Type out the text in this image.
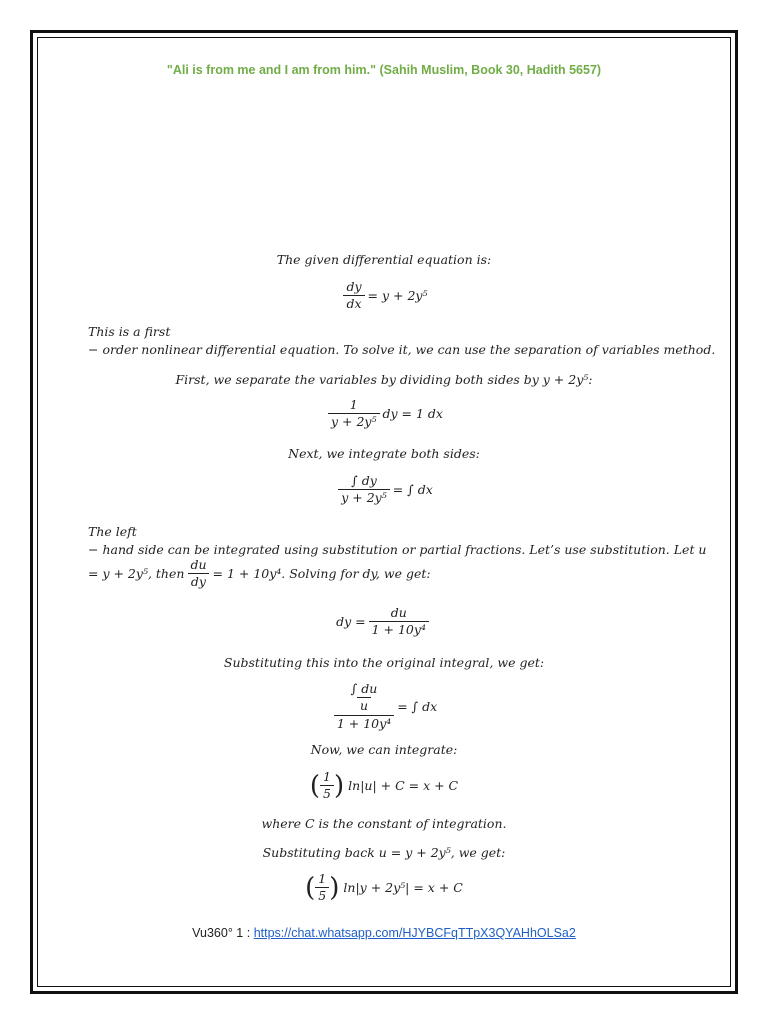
"Ali is from me and I am from him." (Sahih Muslim, Book 30, Hadith 5657)
The given differential equation is:
$\frac{dy}{dx} = y + 2y^5$
This is a first
− order nonlinear differential equation. To solve it, we can use the separation of variables method.
First, we separate the variables by dividing both sides by y + 2y⁵:
$\frac{1}{\text{y + 2y⁵}}$ dy = 1 dx
Next, we integrate both sides:
$\frac{\int dy}{\text{y + 2y⁵}}$ = ∫ dx
The left
− hand side can be integrated using substitution or partial fractions. Let’s use substitution. Let u
= y + 2y⁵, then $\frac{du}{dy} = 1 + 10y^4$. Solving for dy, we get:
dy = $\frac{du}{\text{1 + 10y⁴}}$
Substituting this into the original integral, we get:
$\frac{\frac{\int du}{u}}{\text{1 + 10y⁴}}$ = ∫ dx
Now, we can integrate:
( $\frac{1}{5}$ ) ln|u| + C = x + C
where C is the constant of integration.
Substituting back u = y + 2y⁵, we get:
( $\frac{1}{5}$ ) ln|y + 2y⁵| = x + C
Vu360° 1 : https://chat.whatsapp.com/HJYBCFqTTpX3QYAHhOLSa2
